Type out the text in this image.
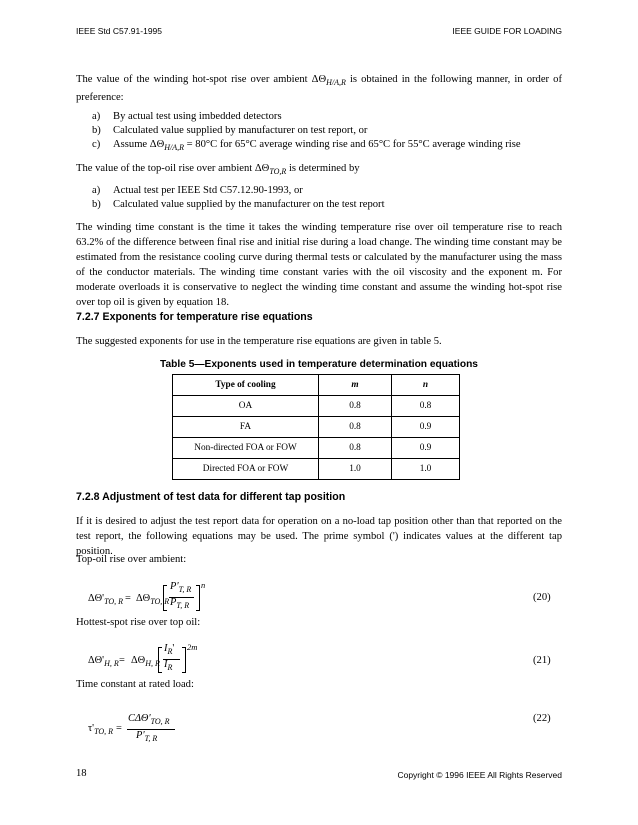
IEEE Std C57.91-1995	IEEE GUIDE FOR LOADING
The value of the winding hot-spot rise over ambient $\Delta\Theta_{H/A,R}$ is obtained in the following manner, in order of preference:
a) By actual test using imbedded detectors
b) Calculated value supplied by manufacturer on test report, or
c) Assume $\Delta\Theta_{H/A,R} = 80^\circ C$ for 65°C average winding rise and 65°C for 55°C average winding rise
The value of the top-oil rise over ambient $\Delta\Theta_{TO,R}$ is determined by
a) Actual test per IEEE Std C57.12.90-1993, or
b) Calculated value supplied by the manufacturer on the test report
The winding time constant is the time it takes the winding temperature rise over oil temperature rise to reach 63.2% of the difference between final rise and initial rise during a load change. The winding time constant may be estimated from the resistance cooling curve during thermal tests or calculated by the manufacturer using the mass of the conductor materials. The winding time constant varies with the oil viscosity and the exponent m. For moderate overloads it is conservative to neglect the winding time constant and assume the winding hot-spot rise over top oil is given by equation 18.
7.2.7 Exponents for temperature rise equations
The suggested exponents for use in the temperature rise equations are given in table 5.
Table 5—Exponents used in temperature determination equations
Type of cooling	m	n
OA	0.8	0.8
FA	0.8	0.9
Non-directed FOA or FOW	0.8	0.9
Directed FOA or FOW	1.0	1.0
7.2.8 Adjustment of test data for different tap position
If it is desired to adjust the test report data for operation on a no-load tap position other than that reported on the test report, the following equations may be used. The prime symbol (') indicates values at the different tap position.
Top-oil rise over ambient:
$\Delta\Theta'_{TO, R} = \Delta\Theta_{TO, R}$
$P'_{T, R}$
$P_{T, R}$
n
(20)
Hottest-spot rise over top oil:
$\Delta\Theta'_{H, R} = \Delta\Theta_{H, R}$
$I_R'$
$I_R$
2m
(21)
Time constant at rated load:
$\tau'_{TO, R}$ =
$C\Delta\Theta'_{TO, R}$
$P'_{T, R}$
(22)
18	Copyright © 1996 IEEE All Rights Reserved
